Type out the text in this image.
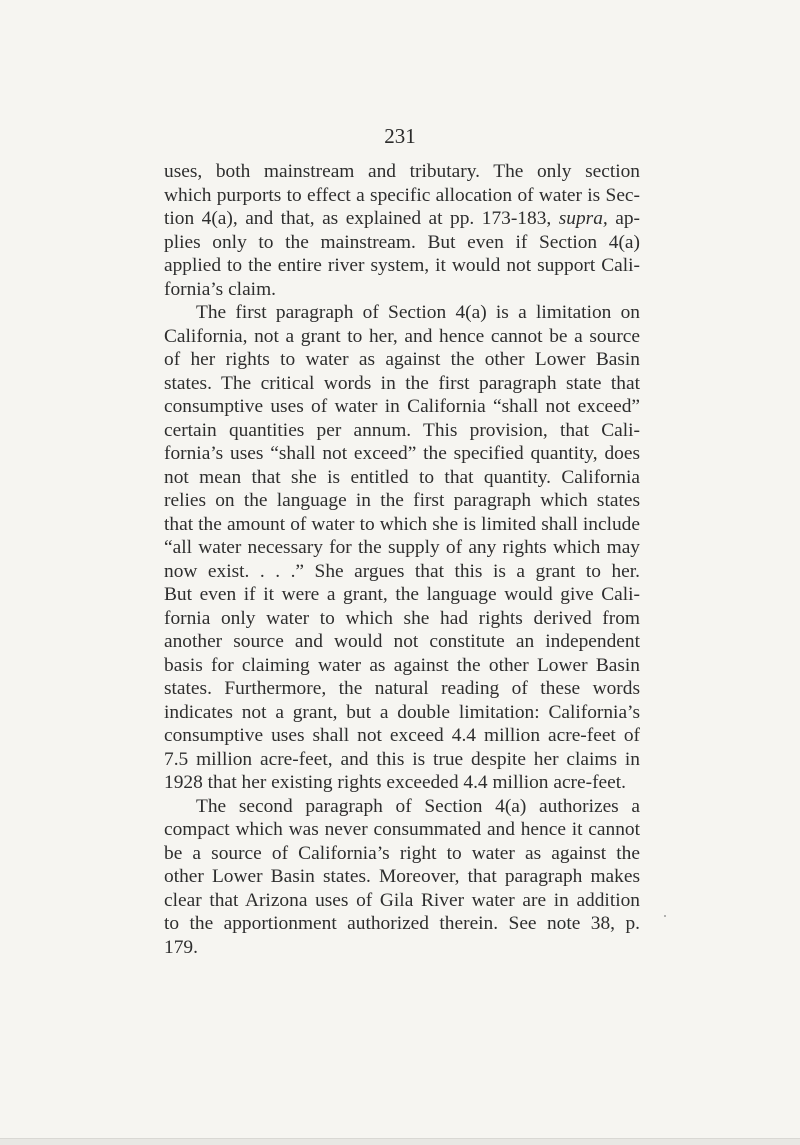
231
uses, both mainstream and tributary. The only section
which purports to effect a specific allocation of water is Sec-
tion 4(a), and that, as explained at pp. 173-183, supra, ap-
plies only to the mainstream. But even if Section 4(a)
applied to the entire river system, it would not support Cali-
fornia’s claim.
The first paragraph of Section 4(a) is a limitation on
California, not a grant to her, and hence cannot be a source
of her rights to water as against the other Lower Basin
states. The critical words in the first paragraph state that
consumptive uses of water in California “shall not exceed”
certain quantities per annum. This provision, that Cali-
fornia’s uses “shall not exceed” the specified quantity, does
not mean that she is entitled to that quantity. California
relies on the language in the first paragraph which states
that the amount of water to which she is limited shall include
“all water necessary for the supply of any rights which may
now exist. . . .” She argues that this is a grant to her.
But even if it were a grant, the language would give Cali-
fornia only water to which she had rights derived from
another source and would not constitute an independent
basis for claiming water as against the other Lower Basin
states. Furthermore, the natural reading of these words
indicates not a grant, but a double limitation: California’s
consumptive uses shall not exceed 4.4 million acre-feet of
7.5 million acre-feet, and this is true despite her claims in
1928 that her existing rights exceeded 4.4 million acre-feet.
The second paragraph of Section 4(a) authorizes a
compact which was never consummated and hence it cannot
be a source of California’s right to water as against the
other Lower Basin states. Moreover, that paragraph makes
clear that Arizona uses of Gila River water are in addition
to the apportionment authorized therein. See note 38, p.
179.
